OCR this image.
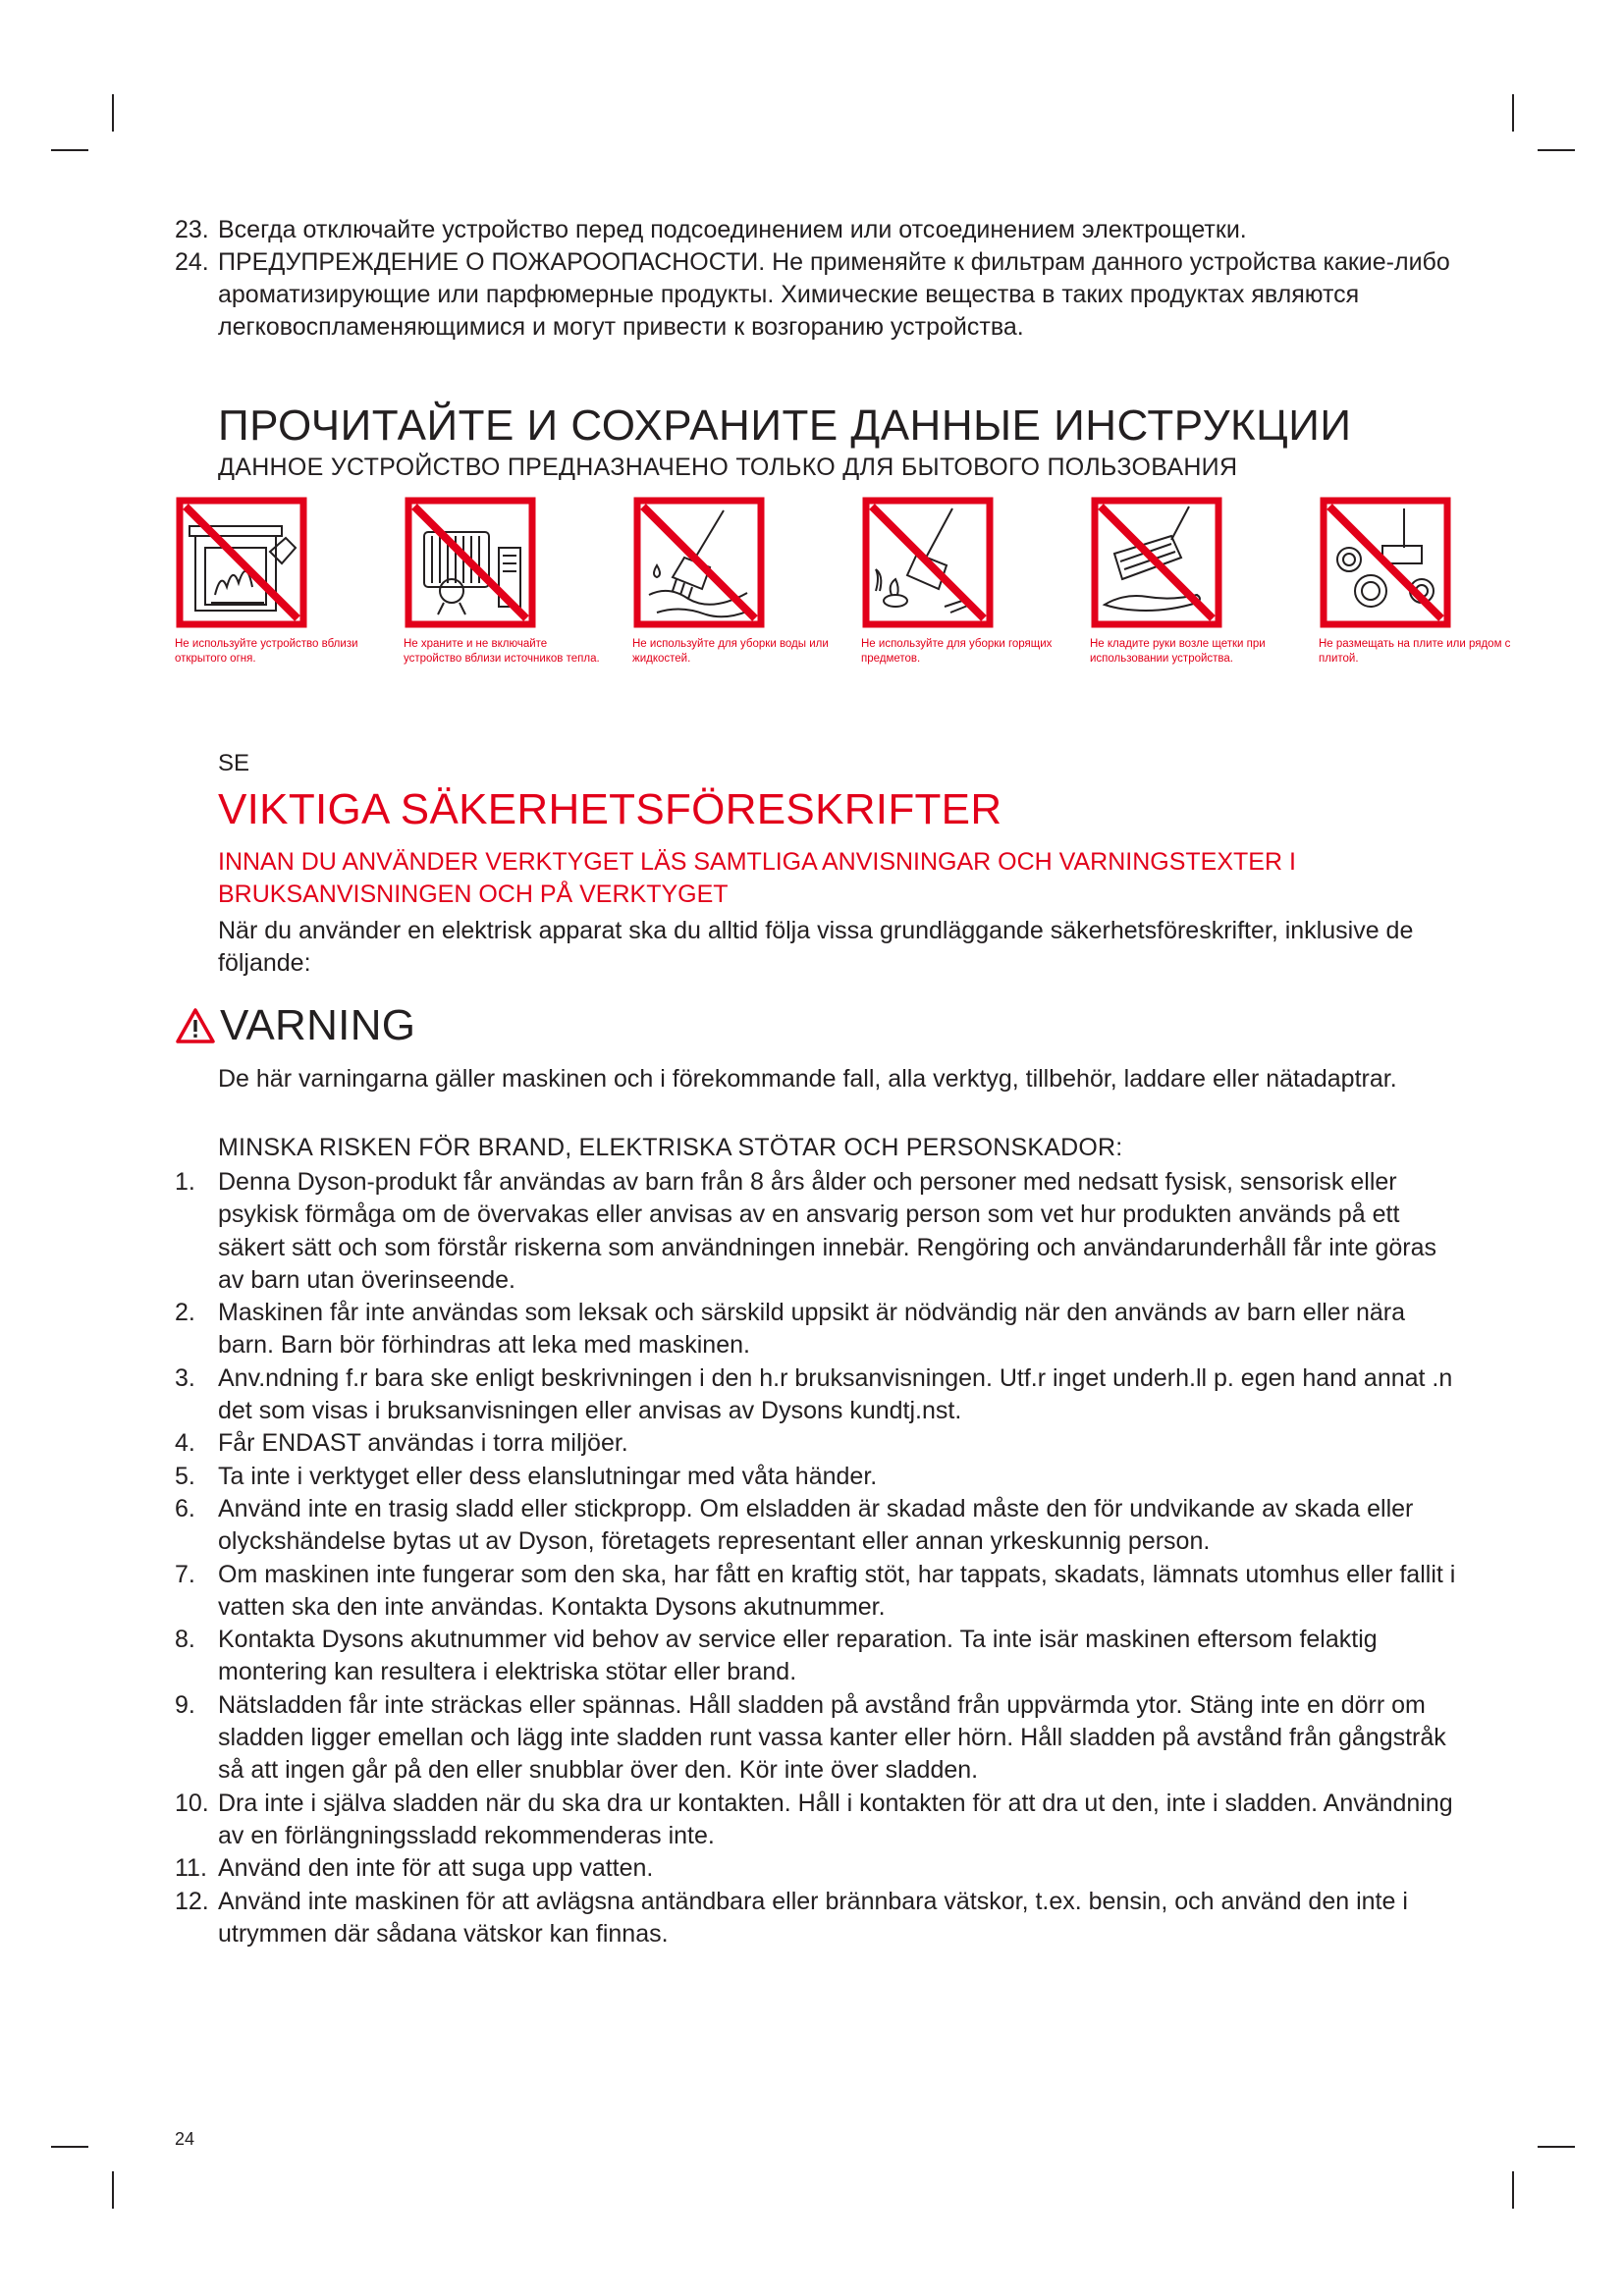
23. Всегда отключайте устройство перед подсоединением или отсоединением электрощетки.
24. ПРЕДУПРЕЖДЕНИЕ О ПОЖАРООПАСНОСТИ. Не применяйте к фильтрам данного устройства какие-либо ароматизирующие или парфюмерные продукты. Химические вещества в таких продуктах являются легковоспламеняющимися и могут привести к возгоранию устройства.
ПРОЧИТАЙТЕ И СОХРАНИТЕ ДАННЫЕ ИНСТРУКЦИИ
ДАННОЕ УСТРОЙСТВО ПРЕДНАЗНАЧЕНО ТОЛЬКО ДЛЯ БЫТОВОГО ПОЛЬЗОВАНИЯ
Не используйте устройство вблизи открытого огня.
Не храните и не включайте устройство вблизи источников тепла.
Не используйте для уборки воды или жидкостей.
Не используйте для уборки горящих предметов.
Не кладите руки возле щетки при использовании устройства.
Не размещать на плите или рядом с плитой.
SE
VIKTIGA SÄKERHETSFÖRESKRIFTER
INNAN DU ANVÄNDER VERKTYGET LÄS SAMTLIGA ANVISNINGAR OCH VARNINGSTEXTER I BRUKSANVISNINGEN OCH PÅ VERKTYGET

När du använder en elektrisk apparat ska du alltid följa vissa grundläggande säkerhetsföreskrifter, inklusive de följande:

VARNING

De här varningarna gäller maskinen och i förekommande fall, alla verktyg, tillbehör, laddare eller nätadaptrar.

MINSKA RISKEN FÖR BRAND, ELEKTRISKA STÖTAR OCH PERSONSKADOR:
1. Denna Dyson-produkt får användas av barn från 8 års ålder och personer med nedsatt fysisk, sensorisk eller psykisk förmåga om de övervakas eller anvisas av en ansvarig person som vet hur produkten används på ett säkert sätt och som förstår riskerna som användningen innebär. Rengöring och användarunderhåll får inte göras av barn utan överinseende.
2. Maskinen får inte användas som leksak och särskild uppsikt är nödvändig när den används av barn eller nära barn. Barn bör förhindras att leka med maskinen.
3. Anv.ndning f.r bara ske enligt beskrivningen i den h.r bruksanvisningen. Utf.r inget underh.ll p. egen hand annat .n det som visas i bruksanvisningen eller anvisas av Dysons kundtj.nst.
4. Får ENDAST användas i torra miljöer.
5. Ta inte i verktyget eller dess elanslutningar med våta händer.
6. Använd inte en trasig sladd eller stickpropp. Om elsladden är skadad måste den för undvikande av skada eller olyckshändelse bytas ut av Dyson, företagets representant eller annan yrkeskunnig person.
7. Om maskinen inte fungerar som den ska, har fått en kraftig stöt, har tappats, skadats, lämnats utomhus eller fallit i vatten ska den inte användas. Kontakta Dysons akutnummer.
8. Kontakta Dysons akutnummer vid behov av service eller reparation. Ta inte isär maskinen eftersom felaktig montering kan resultera i elektriska stötar eller brand.
9. Nätsladden får inte sträckas eller spännas. Håll sladden på avstånd från uppvärmda ytor. Stäng inte en dörr om sladden ligger emellan och lägg inte sladden runt vassa kanter eller hörn. Håll sladden på avstånd från gångstråk så att ingen går på den eller snubblar över den. Kör inte över sladden.
10. Dra inte i själva sladden när du ska dra ur kontakten. Håll i kontakten för att dra ut den, inte i sladden. Användning av en förlängningssladd rekommenderas inte.
11. Använd den inte för att suga upp vatten.
12. Använd inte maskinen för att avlägsna antändbara eller brännbara vätskor, t.ex. bensin, och använd den inte i utrymmen där sådana vätskor kan finnas.
24
